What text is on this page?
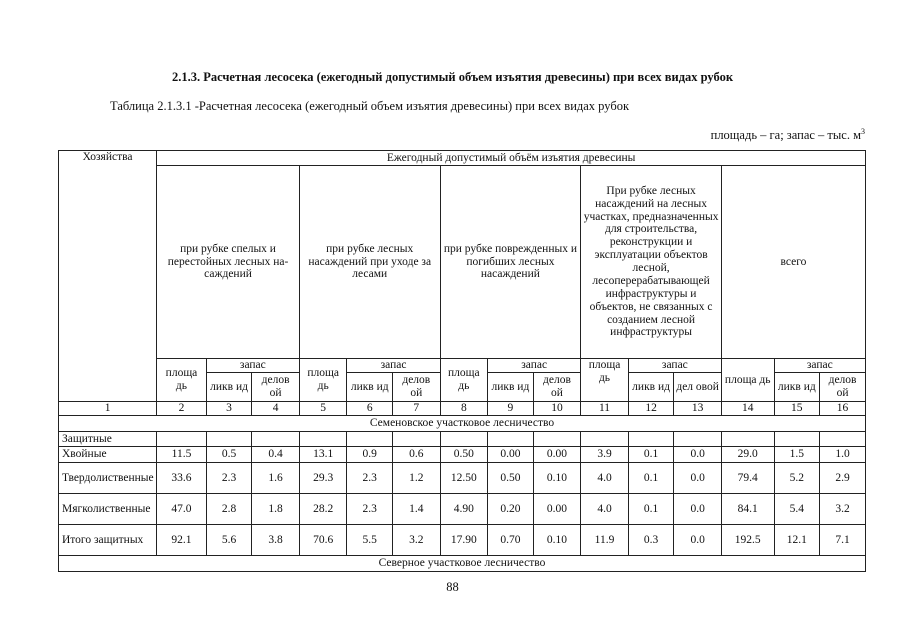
2.1.3. Расчетная лесосека (ежегодный допустимый объем изъятия древесины) при всех видах рубок
Таблица 2.1.3.1 -Расчетная лесосека (ежегодный объем изъятия древесины) при всех видах рубок
площадь – га; запас – тыс. $м^3$
Хозяйства	Ежегодный допустимый объём изъятия древесины														
	при рубке спелых и перестойных лесных на- саждений			при рубке лесных насаждений при уходе за лесами			при рубке поврежденных и погибших лесных насаждений			При рубке лесных насаждений на лесных участках, предназначенных для строительства, реконструкции и эксплуатации объектов лесной, лесоперерабатывающей инфраструктуры и объектов, не связанных с созданием лесной инфраструктуры			всего		
	площа дь	запас		площа дь	запас		площа дь	запас		площа дь	запас		площа дь	запас	
		ликв ид	делов ой		ликв ид	делов ой		ликв ид	делов ой		ликв ид	дел овой		ликв ид	делов ой
1	2	3	4	5	6	7	8	9	10	11	12	13	14	15	16
Семеновское участковое лесничество															
Защитные															
Хвойные	11.5	0.5	0.4	13.1	0.9	0.6	0.50	0.00	0.00	3.9	0.1	0.0	29.0	1.5	1.0
Твердолиственные	33.6	2.3	1.6	29.3	2.3	1.2	12.50	0.50	0.10	4.0	0.1	0.0	79.4	5.2	2.9
Мягколиственные	47.0	2.8	1.8	28.2	2.3	1.4	4.90	0.20	0.00	4.0	0.1	0.0	84.1	5.4	3.2
Итого защитных	92.1	5.6	3.8	70.6	5.5	3.2	17.90	0.70	0.10	11.9	0.3	0.0	192.5	12.1	7.1
Северное участковое лесничество															
88
